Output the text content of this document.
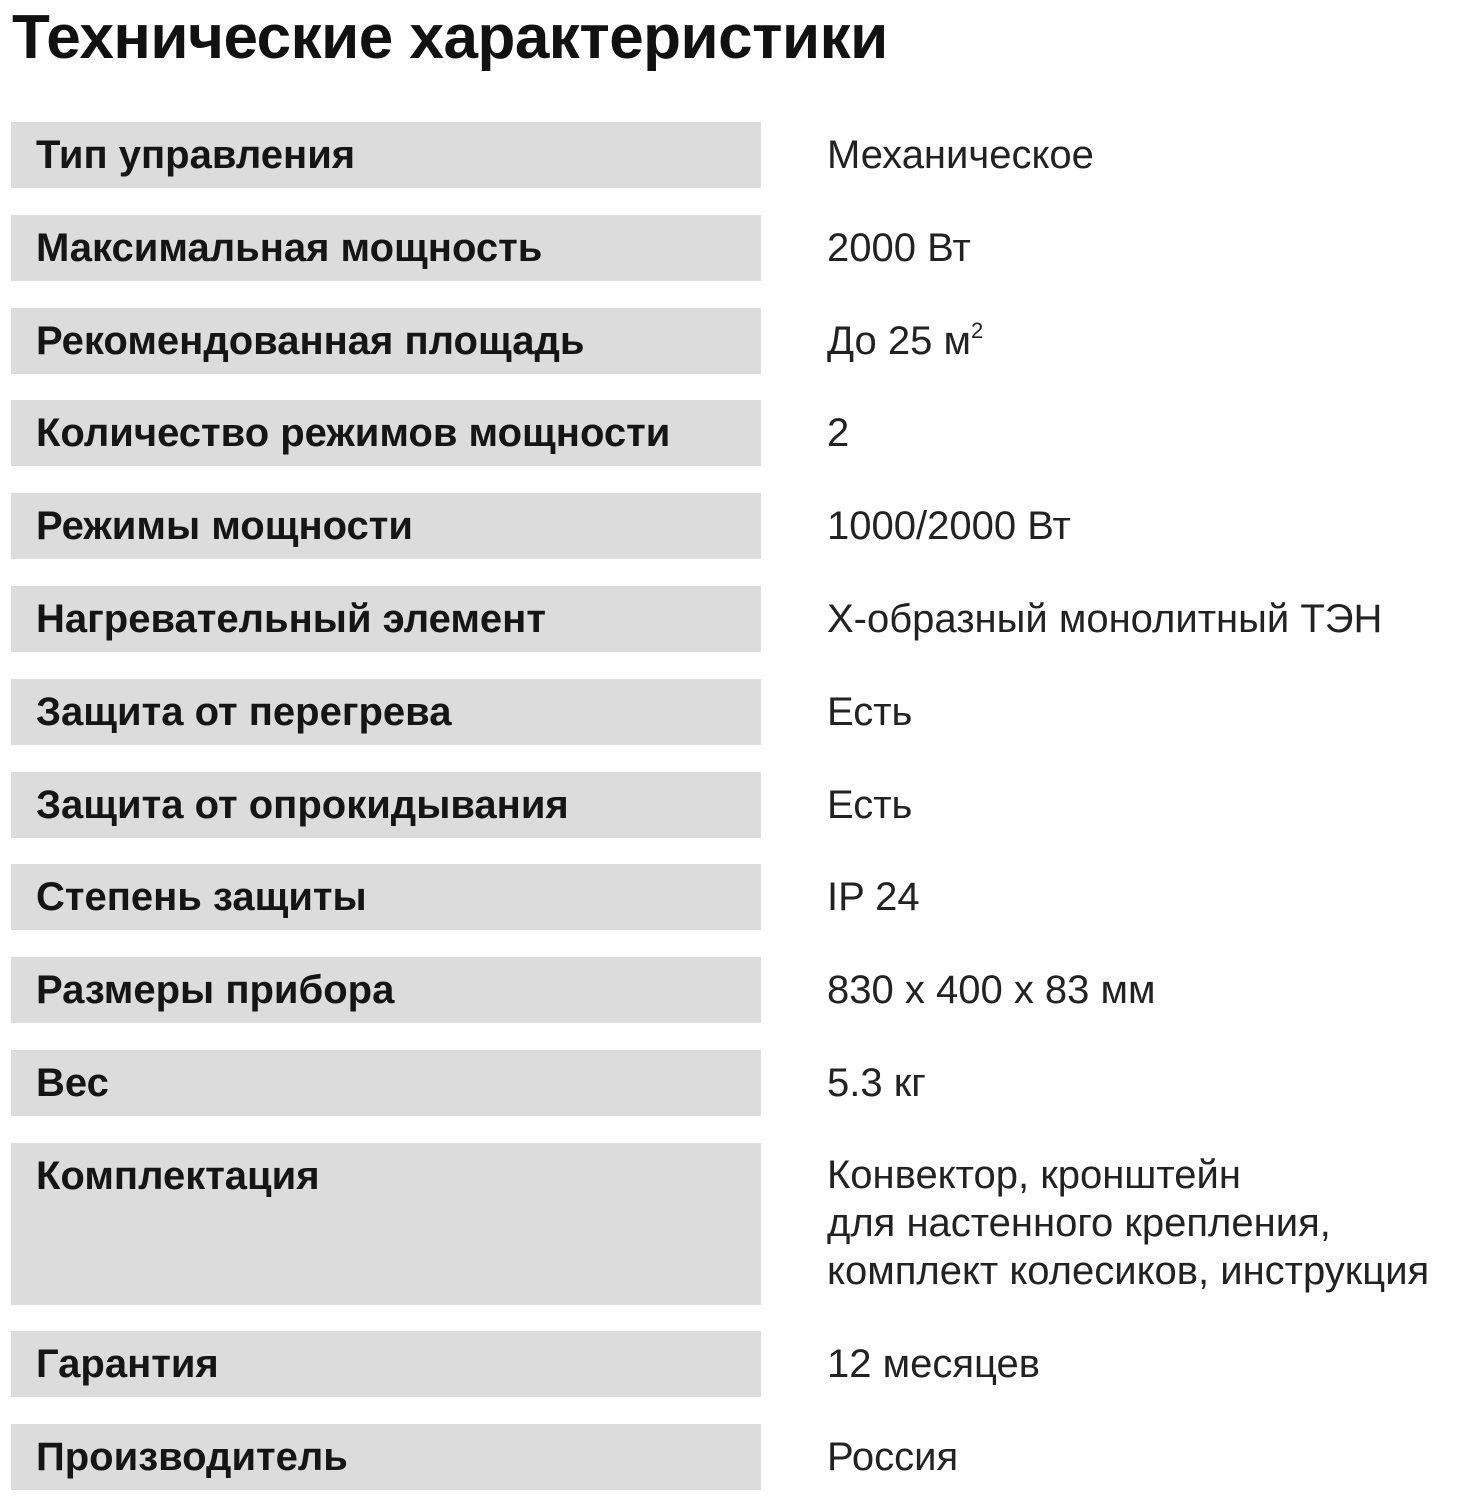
Технические характеристики
Тип управления	Механическое
Максимальная мощность	2000 Вт
Рекомендованная площадь	До 25 $м^2$
Количество режимов мощности	2
Режимы мощности	1000/2000 Вт
Нагревательный элемент	Х-образный монолитный ТЭН
Защита от перегрева	Есть
Защита от опрокидывания	Есть
Степень защиты	IP 24
Размеры прибора	830 х 400 х 83 мм
Вес	5.3 кг
Комплектация	Конвектор, кронштейн
для настенного крепления,
комплект колесиков, инструкция
Гарантия	12 месяцев
Производитель	Россия
